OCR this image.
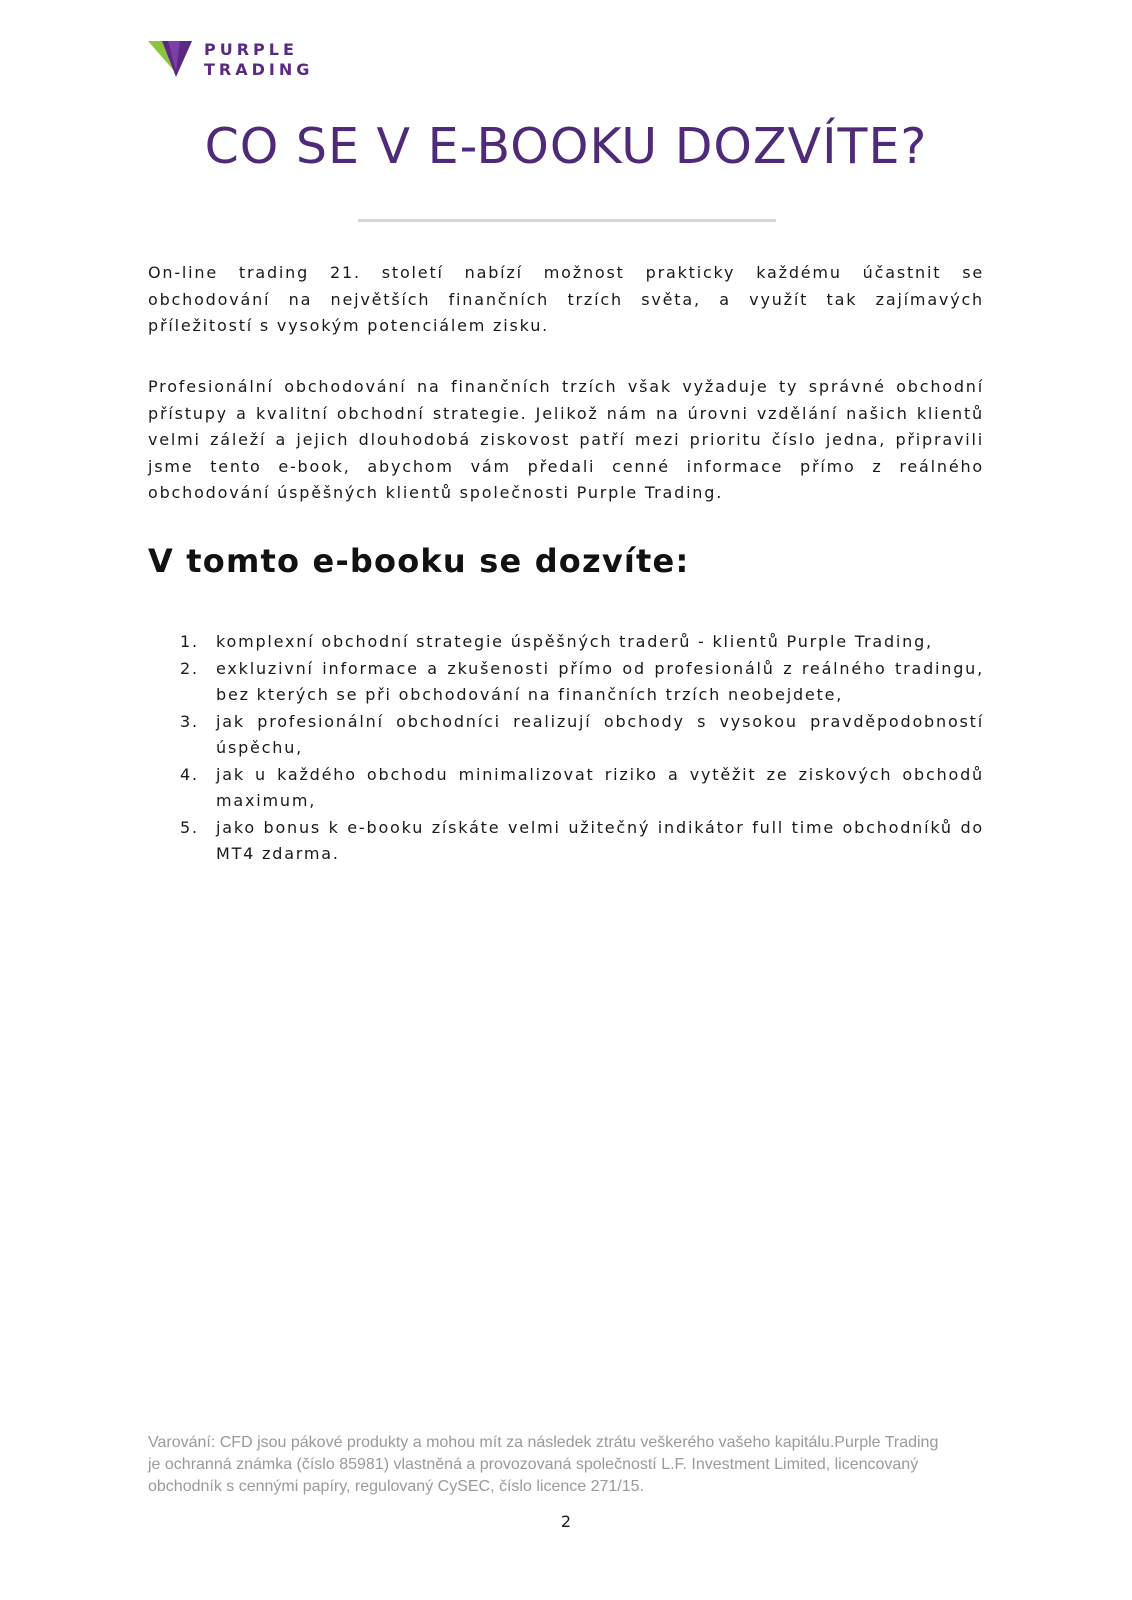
PURPLE
TRADING
CO SE V E-BOOKU DOZVÍTE?

On-line trading 21. století nabízí možnost prakticky každému účastnit se obchodování na největších finančních trzích světa, a využít tak zajímavých příležitostí s vysokým potenciálem zisku.

Profesionální obchodování na finančních trzích však vyžaduje ty správné obchodní přístupy a kvalitní obchodní strategie. Jelikož nám na úrovni vzdělání našich klientů velmi záleží a jejich dlouhodobá ziskovost patří mezi prioritu číslo jedna, připravili jsme tento e-book, abychom vám předali cenné informace přímo z reálného obchodování úspěšných klientů společnosti Purple Trading.

V tomto e-booku se dozvíte:
1.	komplexní obchodní strategie úspěšných traderů - klientů Purple Trading,
2.	exkluzivní informace a zkušenosti přímo od profesionálů z reálného tradingu, bez kterých se při obchodování na finančních trzích neobejdete,
3.	jak profesionální obchodníci realizují obchody s vysokou pravděpodobností úspěchu,
4.	jak u každého obchodu minimalizovat riziko a vytěžit ze ziskových obchodů maximum,
5.	jako bonus k e-booku získáte velmi užitečný indikátor full time obchodníků do MT4 zdarma.

Varování: CFD jsou pákové produkty a mohou mít za následek ztrátu veškerého vašeho kapitálu.Purple Trading je ochranná známka (číslo 85981) vlastněná a provozovaná společností L.F. Investment Limited, licencovaný obchodník s cennými papíry, regulovaný CySEC, číslo licence 271/15.

2
